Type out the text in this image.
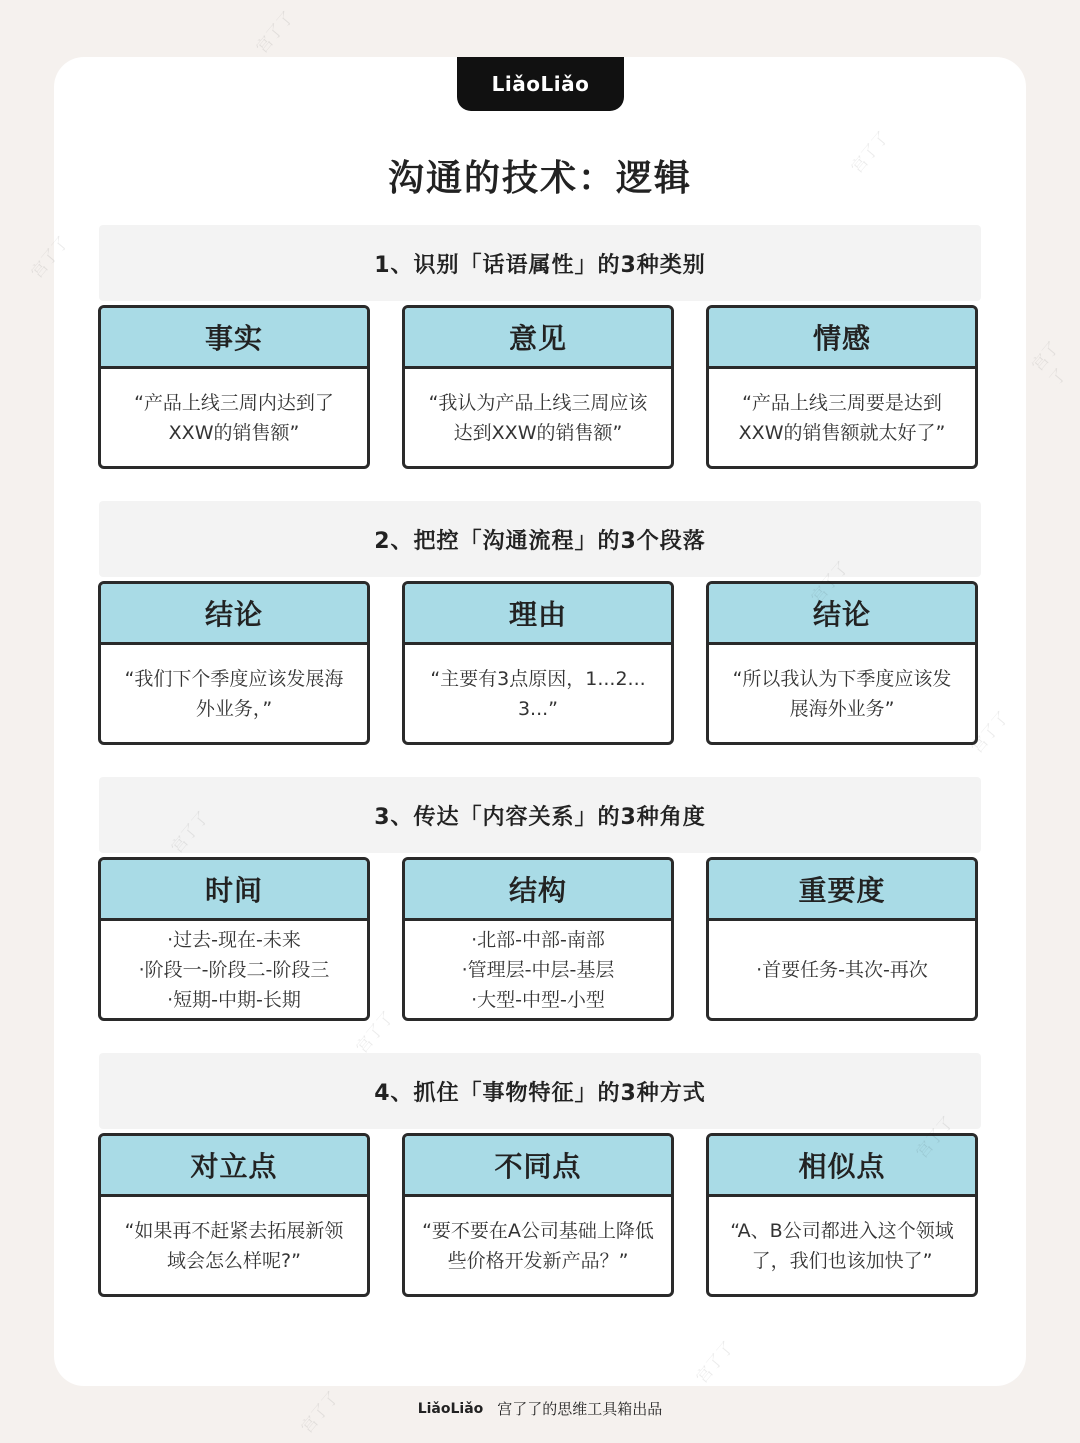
LiǎoLiǎo
沟通的技术：逻辑
1、识别「话语属性」的3种类别
事实
“产品上线三周内达到了
XXW的销售额”
意见
“我认为产品上线三周应该
达到XXW的销售额”
情感
“产品上线三周要是达到
XXW的销售额就太好了”
2、把控「沟通流程」的3个段落
结论
“我们下个季度应该发展海
外业务，”
理由
“主要有3点原因，1...2...
3...”
结论
“所以我认为下季度应该发
展海外业务”
3、传达「内容关系」的3种角度
时间
·过去-现在-未来
·阶段一-阶段二-阶段三
·短期-中期-长期
结构
·北部-中部-南部
·管理层-中层-基层
·大型-中型-小型
重要度
·首要任务-其次-再次
4、抓住「事物特征」的3种方式
对立点
“如果再不赶紧去拓展新领
域会怎么样呢?”
不同点
“要不要在A公司基础上降低
些价格开发新产品？”
相似点
“A、B公司都进入这个领域
了，我们也该加快了”
LiǎoLiǎo 宫了了的思维工具箱出品
宫了了
宫了了
宫了了
宫了了
